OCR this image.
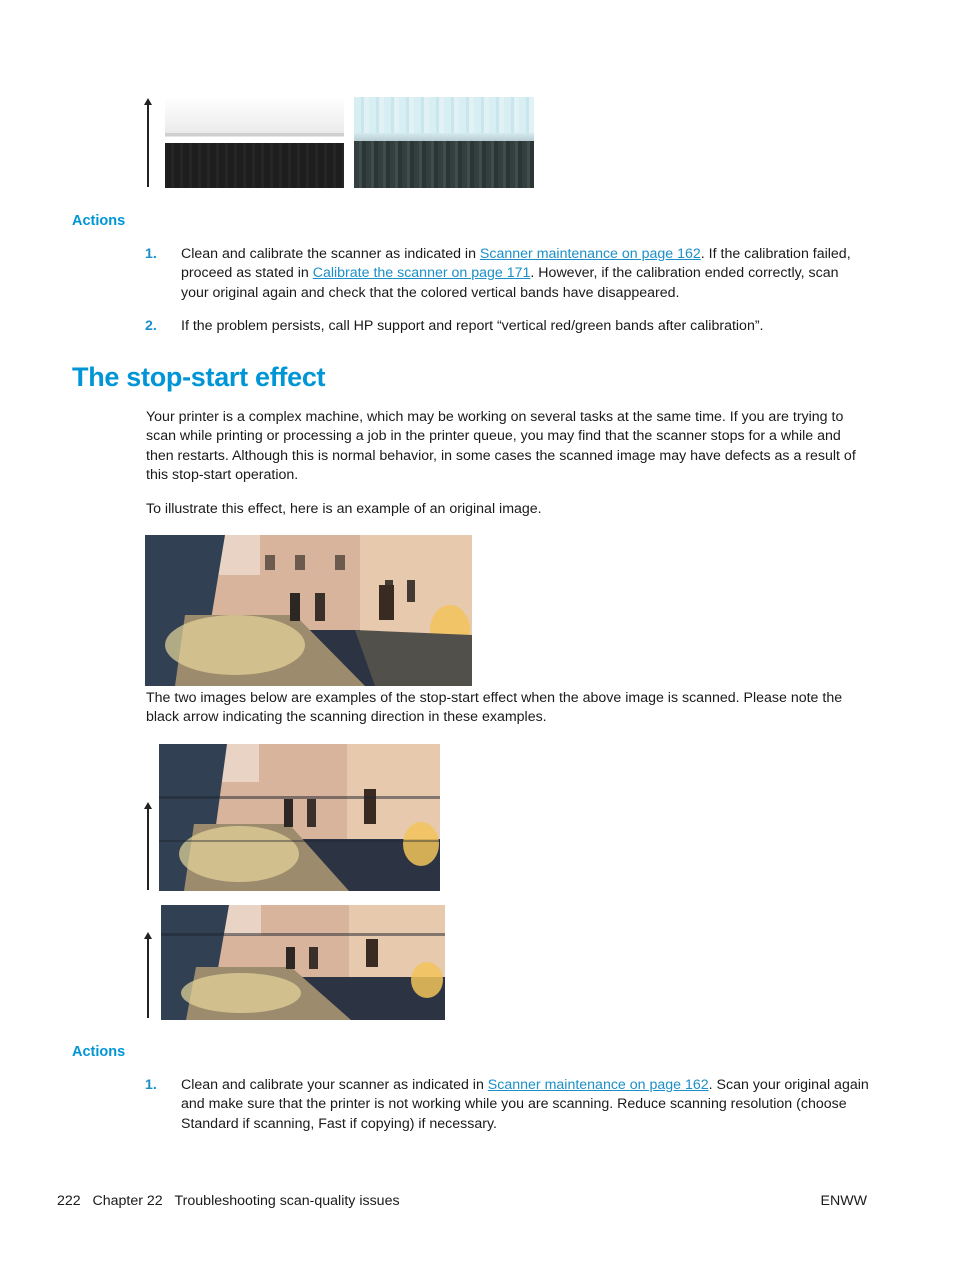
Actions
1. Clean and calibrate the scanner as indicated in Scanner maintenance on page 162. If the calibration failed, proceed as stated in Calibrate the scanner on page 171. However, if the calibration ended correctly, scan your original again and check that the colored vertical bands have disappeared.
2. If the problem persists, call HP support and report “vertical red/green bands after calibration”.
The stop-start effect
Your printer is a complex machine, which may be working on several tasks at the same time. If you are trying to scan while printing or processing a job in the printer queue, you may find that the scanner stops for a while and then restarts. Although this is normal behavior, in some cases the scanned image may have defects as a result of this stop-start operation.
To illustrate this effect, here is an example of an original image.
The two images below are examples of the stop-start effect when the above image is scanned. Please note the black arrow indicating the scanning direction in these examples.
Actions
1. Clean and calibrate your scanner as indicated in Scanner maintenance on page 162. Scan your original again and make sure that the printer is not working while you are scanning. Reduce scanning resolution (choose Standard if scanning, Fast if copying) if necessary.
222 Chapter 22 Troubleshooting scan-quality issues	ENWW
